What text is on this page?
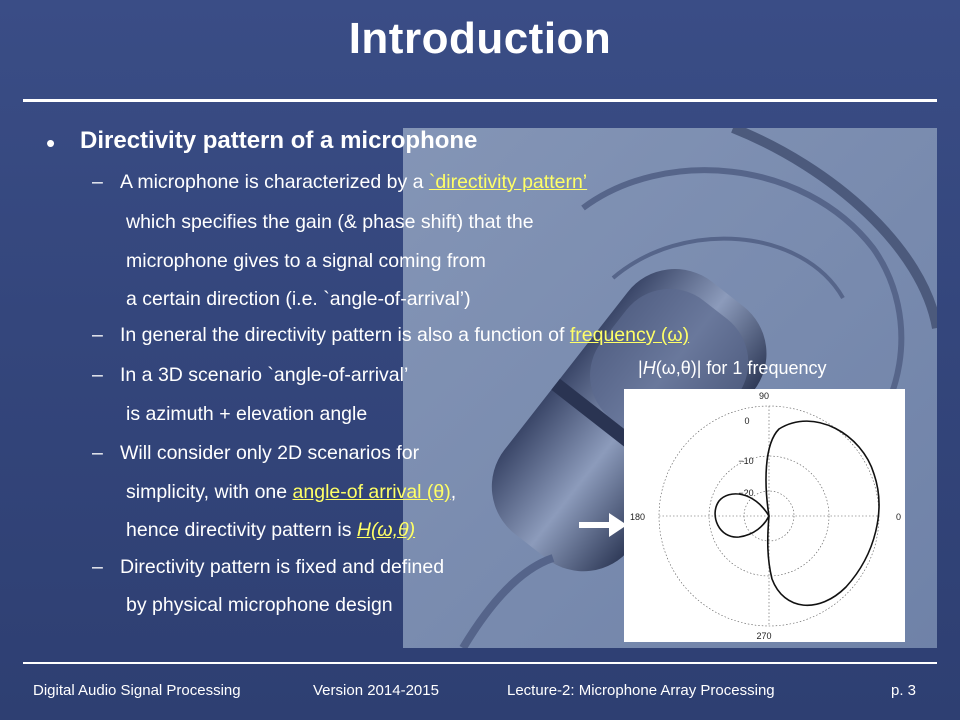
Introduction
• Directivity pattern of a microphone
– A microphone is characterized by a `directivity pattern’
which specifies the gain (& phase shift) that the
microphone gives to a signal coming from
a certain direction (i.e. `angle-of-arrival’)
– In general the directivity pattern is also a function of frequency (ω)
– In a 3D scenario `angle-of-arrival’
is azimuth + elevation angle
– Will consider only 2D scenarios for
simplicity, with one angle-of arrival (θ),
hence directivity pattern is H(ω,θ)
– Directivity pattern is fixed and defined
by physical microphone design
|H(ω,θ)| for 1 frequency
90
0
−10
−20
180	0
270
Digital Audio Signal Processing	Version 2014-2015	Lecture-2: Microphone Array Processing	p. 3
